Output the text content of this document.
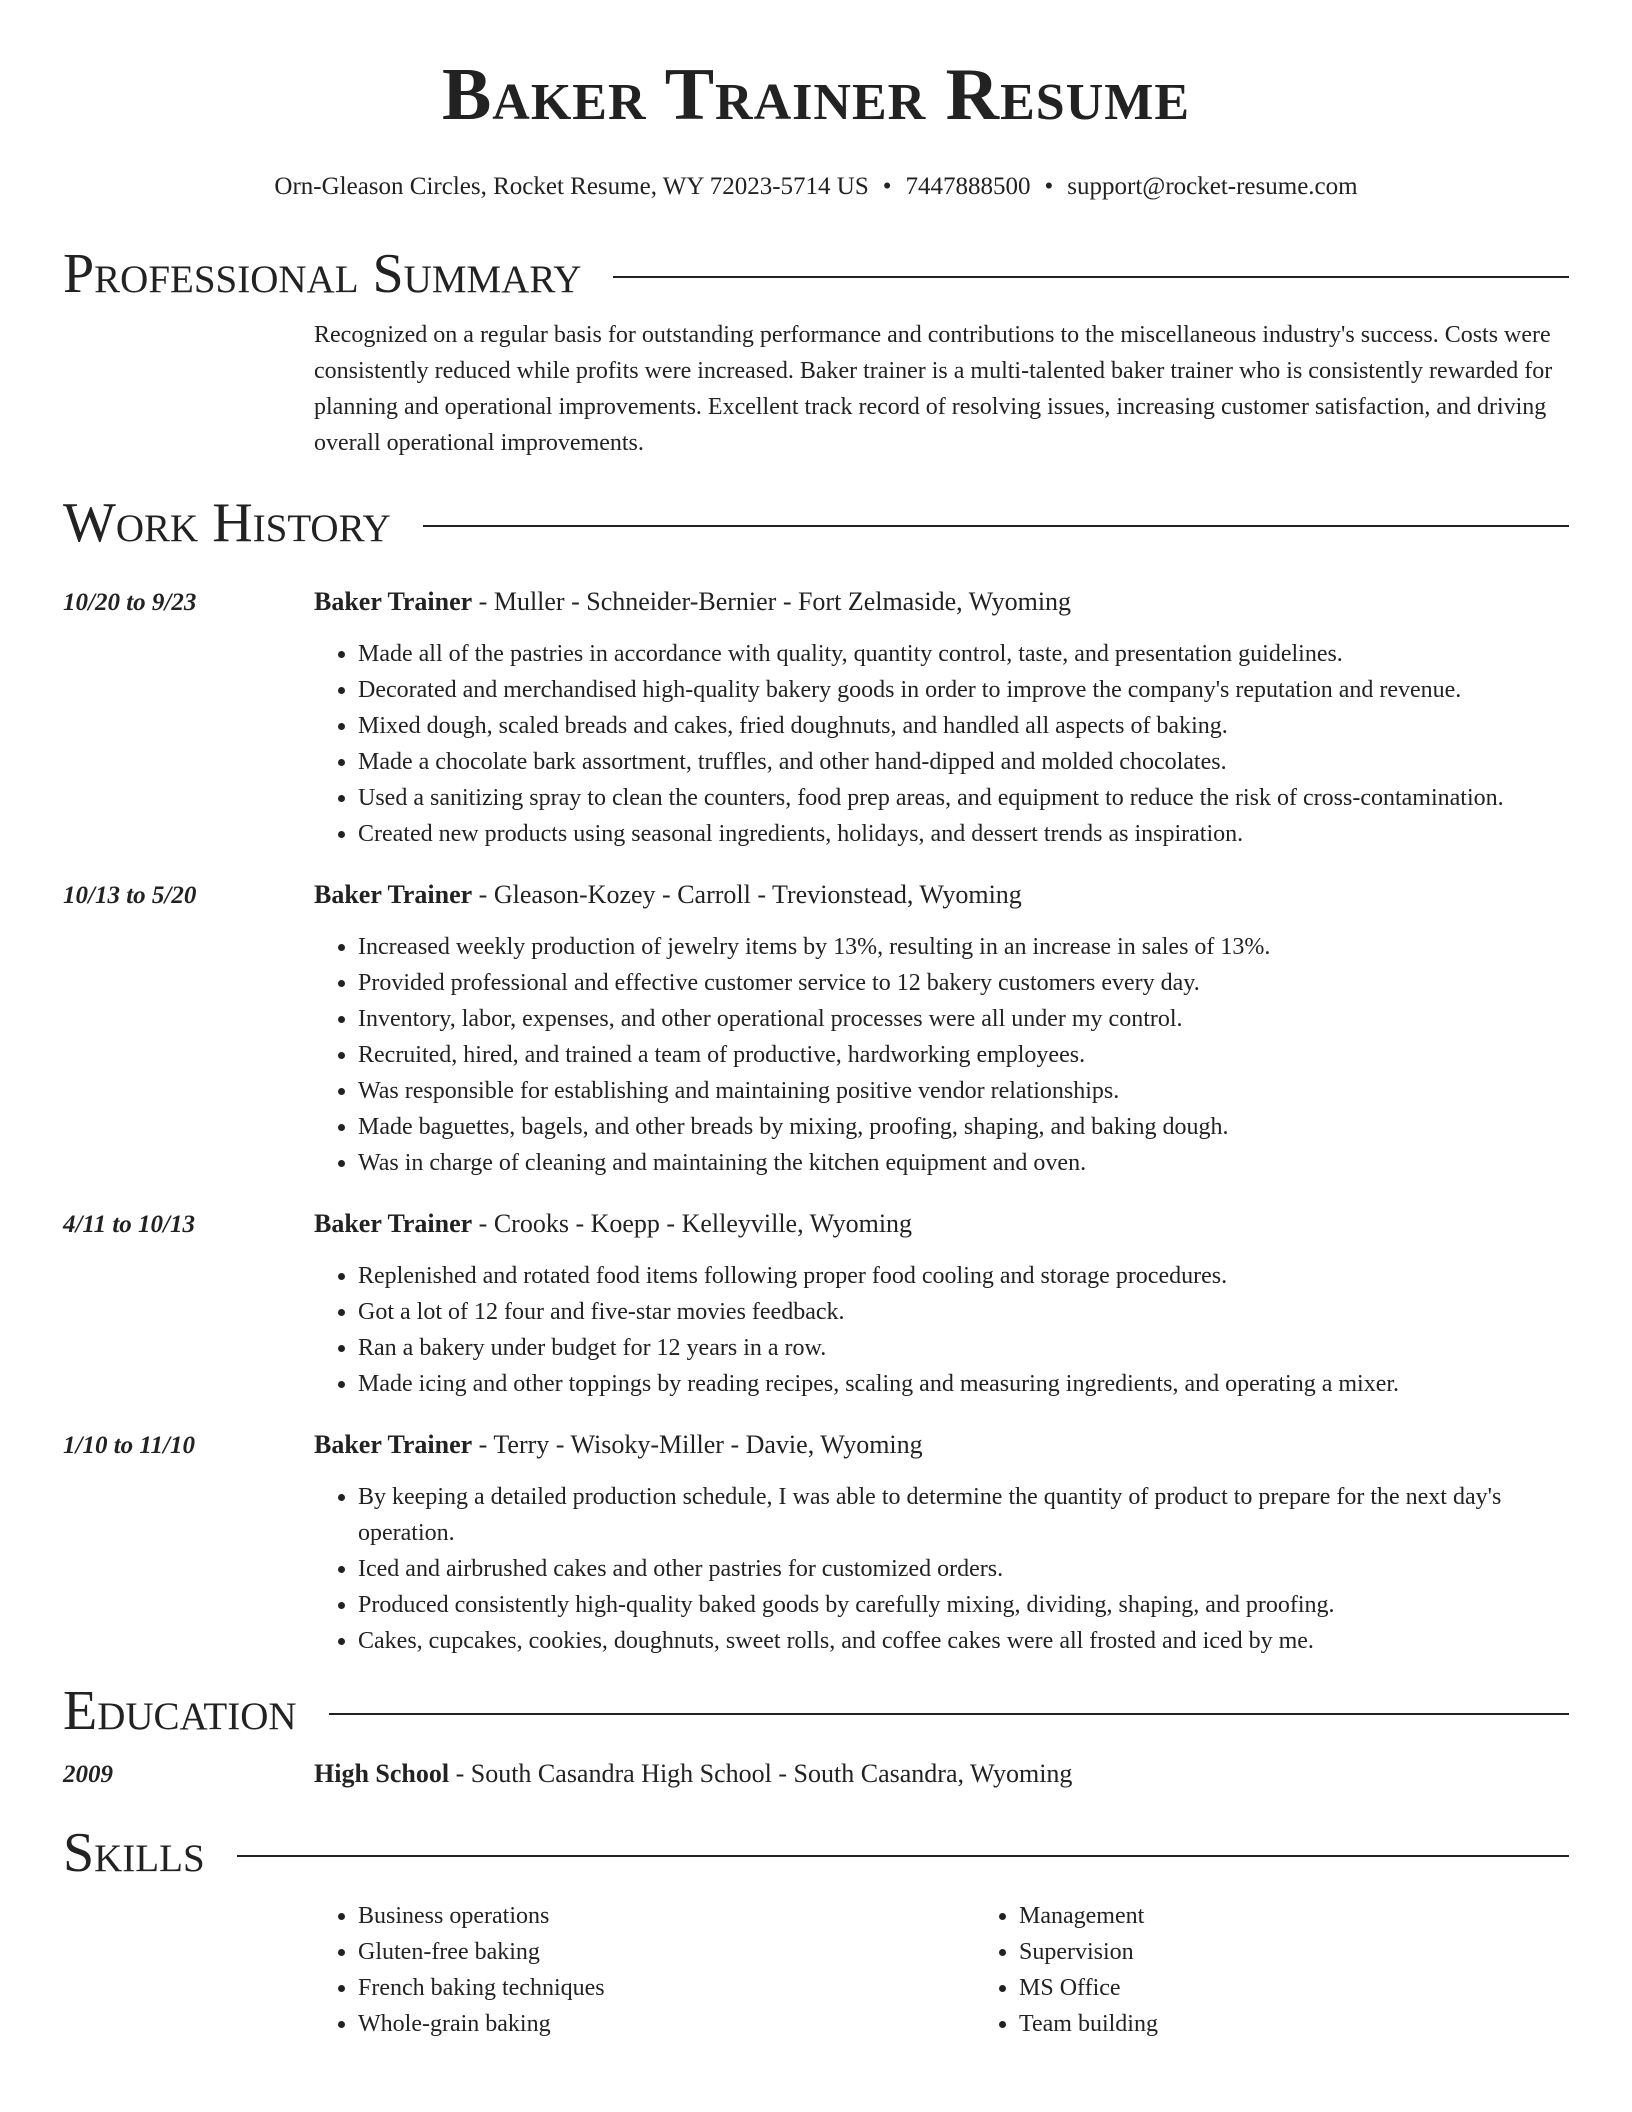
Baker Trainer Resume
Orn-Gleason Circles, Rocket Resume, WY 72023-5714 US • 7447888500 • support@rocket-resume.com
Professional Summary
Recognized on a regular basis for outstanding performance and contributions to the miscellaneous industry's success. Costs were consistently reduced while profits were increased. Baker trainer is a multi-talented baker trainer who is consistently rewarded for planning and operational improvements. Excellent track record of resolving issues, increasing customer satisfaction, and driving overall operational improvements.
Work History
10/20 to 9/23	Baker Trainer - Muller - Schneider-Bernier - Fort Zelmaside, Wyoming
• Made all of the pastries in accordance with quality, quantity control, taste, and presentation guidelines.
• Decorated and merchandised high-quality bakery goods in order to improve the company's reputation and revenue.
• Mixed dough, scaled breads and cakes, fried doughnuts, and handled all aspects of baking.
• Made a chocolate bark assortment, truffles, and other hand-dipped and molded chocolates.
• Used a sanitizing spray to clean the counters, food prep areas, and equipment to reduce the risk of cross-contamination.
• Created new products using seasonal ingredients, holidays, and dessert trends as inspiration.
10/13 to 5/20	Baker Trainer - Gleason-Kozey - Carroll - Trevionstead, Wyoming
• Increased weekly production of jewelry items by 13%, resulting in an increase in sales of 13%.
• Provided professional and effective customer service to 12 bakery customers every day.
• Inventory, labor, expenses, and other operational processes were all under my control.
• Recruited, hired, and trained a team of productive, hardworking employees.
• Was responsible for establishing and maintaining positive vendor relationships.
• Made baguettes, bagels, and other breads by mixing, proofing, shaping, and baking dough.
• Was in charge of cleaning and maintaining the kitchen equipment and oven.
4/11 to 10/13	Baker Trainer - Crooks - Koepp - Kelleyville, Wyoming
• Replenished and rotated food items following proper food cooling and storage procedures.
• Got a lot of 12 four and five-star movies feedback.
• Ran a bakery under budget for 12 years in a row.
• Made icing and other toppings by reading recipes, scaling and measuring ingredients, and operating a mixer.
1/10 to 11/10	Baker Trainer - Terry - Wisoky-Miller - Davie, Wyoming
• By keeping a detailed production schedule, I was able to determine the quantity of product to prepare for the next day's operation.
• Iced and airbrushed cakes and other pastries for customized orders.
• Produced consistently high-quality baked goods by carefully mixing, dividing, shaping, and proofing.
• Cakes, cupcakes, cookies, doughnuts, sweet rolls, and coffee cakes were all frosted and iced by me.
Education
2009	High School - South Casandra High School - South Casandra, Wyoming
Skills
• Business operations
• Gluten-free baking
• French baking techniques
• Whole-grain baking
• Management
• Supervision
• MS Office
• Team building
